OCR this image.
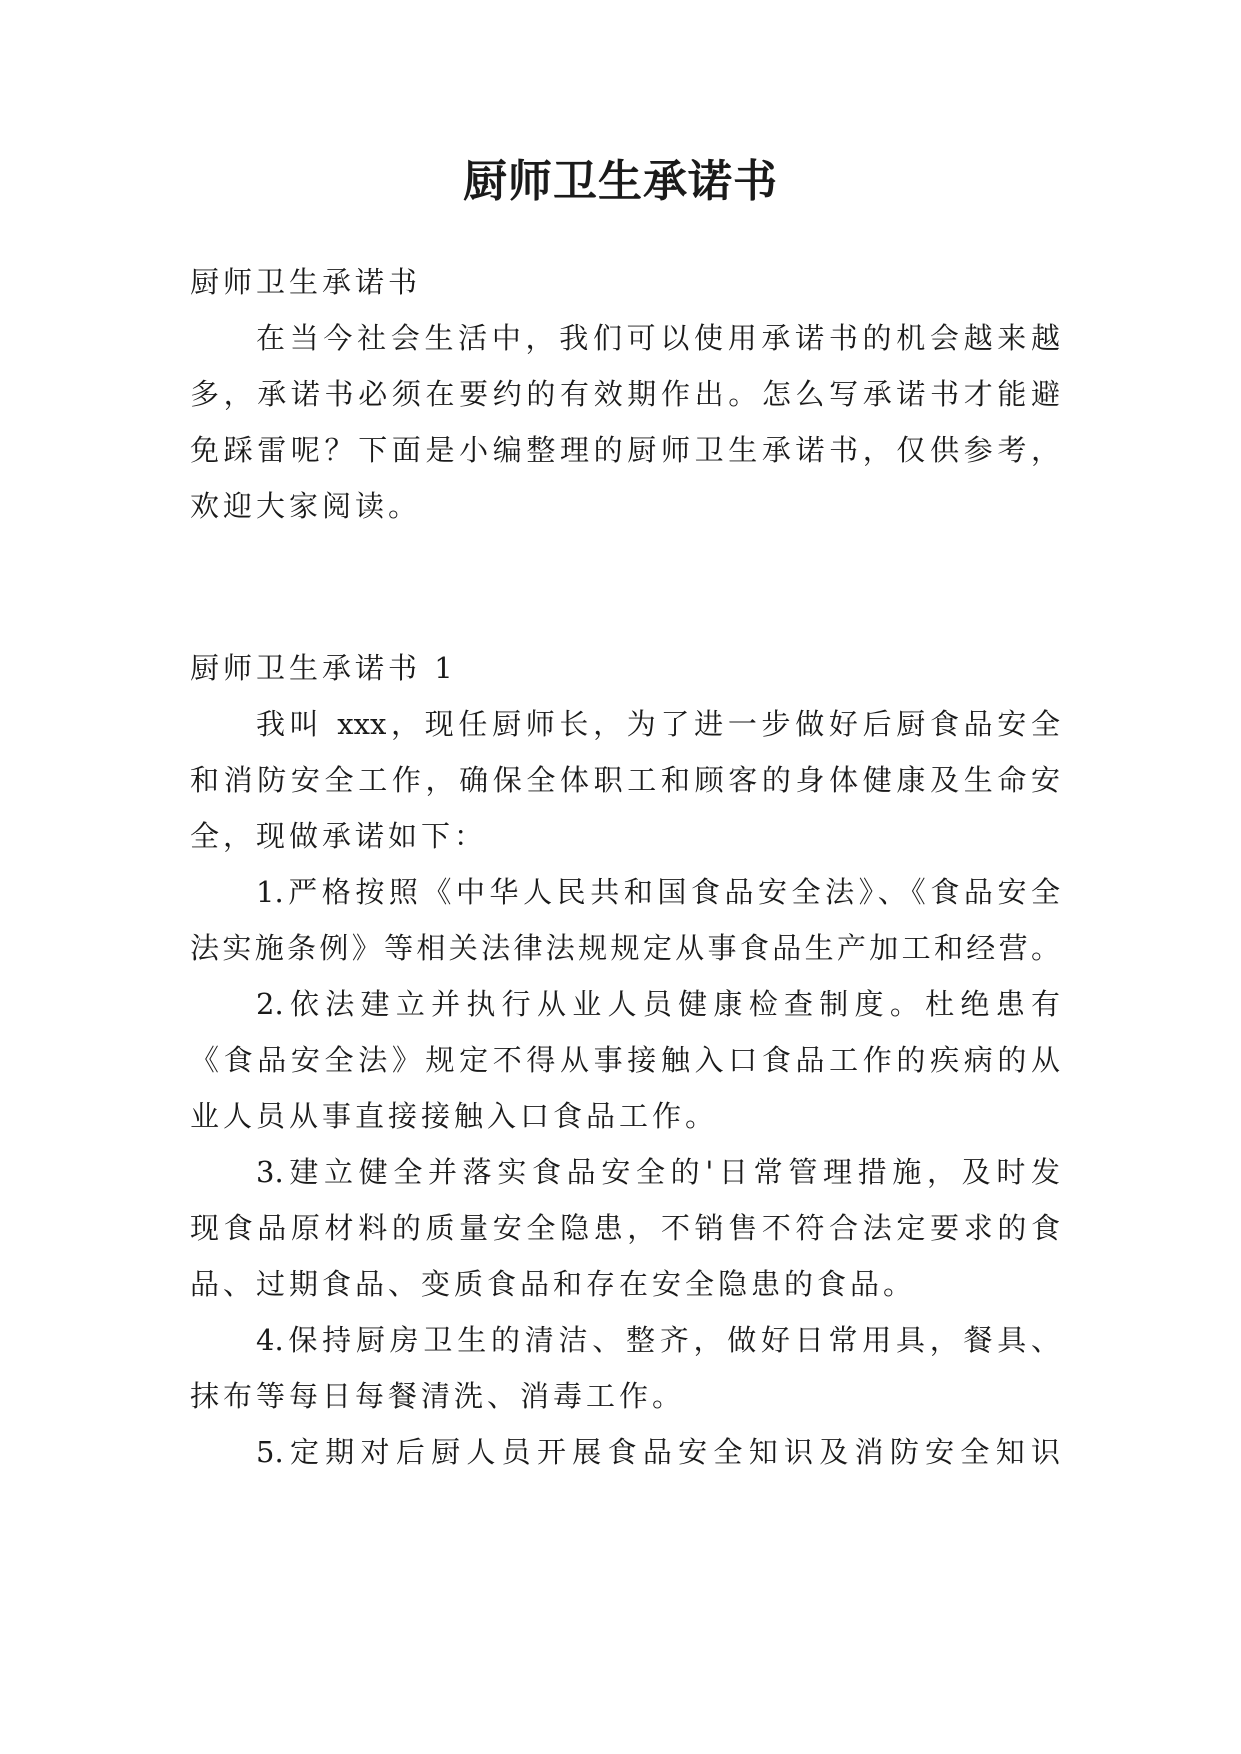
厨师卫生承诺书
厨师卫生承诺书
在当今社会生活中，我们可以使用承诺书的机会越来越
多，承诺书必须在要约的有效期作出。怎么写承诺书才能避
免踩雷呢？下面是小编整理的厨师卫生承诺书，仅供参考，
欢迎大家阅读。
厨师卫生承诺书 1
我叫 xxx，现任厨师长，为了进一步做好后厨食品安全
和消防安全工作，确保全体职工和顾客的身体健康及生命安
全，现做承诺如下：
1.严格按照《中华人民共和国食品安全法》、《食品安全
法实施条例》等相关法律法规规定从事食品生产加工和经营。
2.依法建立并执行从业人员健康检查制度。杜绝患有
《食品安全法》规定不得从事接触入口食品工作的疾病的从
业人员从事直接接触入口食品工作。
3.建立健全并落实食品安全的'日常管理措施，及时发
现食品原材料的质量安全隐患，不销售不符合法定要求的食
品、过期食品、变质食品和存在安全隐患的食品。
4.保持厨房卫生的清洁、整齐，做好日常用具，餐具、
抹布等每日每餐清洗、消毒工作。
5.定期对后厨人员开展食品安全知识及消防安全知识
